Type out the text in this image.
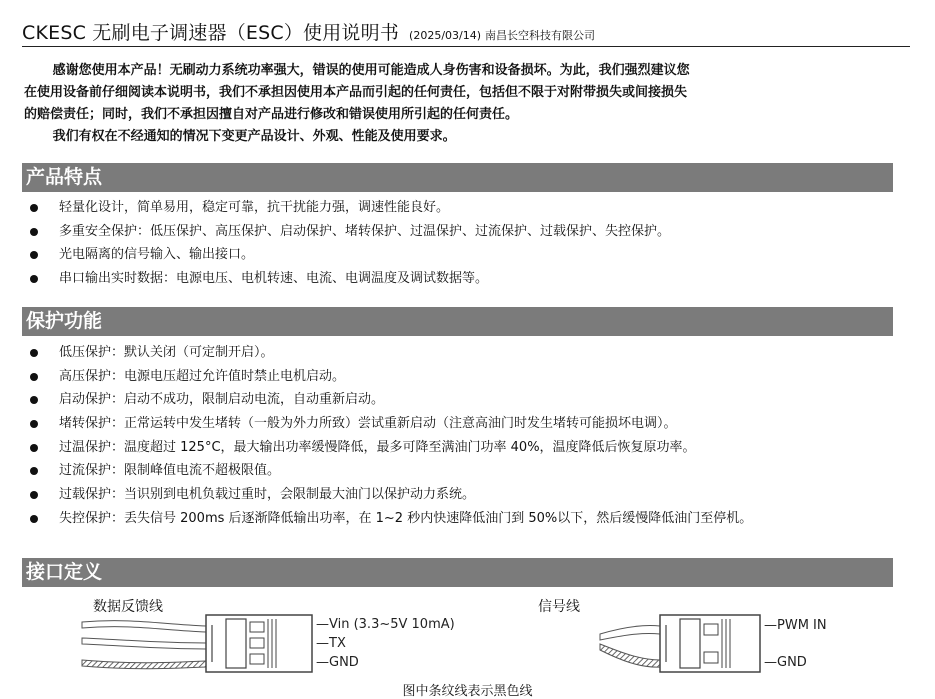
CKESC 无刷电子调速器（ESC）使用说明书 (2025/03/14) 南昌长空科技有限公司

感谢您使用本产品！无刷动力系统功率强大，错误的使用可能造成人身伤害和设备损坏。为此，我们强烈建议您

在使用设备前仔细阅读本说明书，我们不承担因使用本产品而引起的任何责任，包括但不限于对附带损失或间接损失

的赔偿责任；同时，我们不承担因擅自对产品进行修改和错误使用所引起的任何责任。

我们有权在不经通知的情况下变更产品设计、外观、性能及使用要求。

产品特点
轻量化设计，简单易用，稳定可靠，抗干扰能力强，调速性能良好。
多重安全保护：低压保护、高压保护、启动保护、堵转保护、过温保护、过流保护、过载保护、失控保护。
光电隔离的信号输入、输出接口。
串口输出实时数据：电源电压、电机转速、电流、电调温度及调试数据等。
保护功能
低压保护：默认关闭（可定制开启）。
高压保护：电源电压超过允许值时禁止电机启动。
启动保护：启动不成功，限制启动电流，自动重新启动。
堵转保护：正常运转中发生堵转（一般为外力所致）尝试重新启动（注意高油门时发生堵转可能损坏电调）。
过温保护：温度超过 125°C，最大输出功率缓慢降低，最多可降至满油门功率 40%，温度降低后恢复原功率。
过流保护：限制峰值电流不超极限值。
过载保护：当识别到电机负载过重时，会限制最大油门以保护动力系统。
失控保护：丢失信号 200ms 后逐渐降低输出功率，在 1~2 秒内快速降低油门到 50%以下，然后缓慢降低油门至停机。
接口定义
数据反馈线
—Vin (3.3~5V 10mA)
—TX
—GND
信号线
—PWM IN
—GND
图中条纹线表示黑色线
